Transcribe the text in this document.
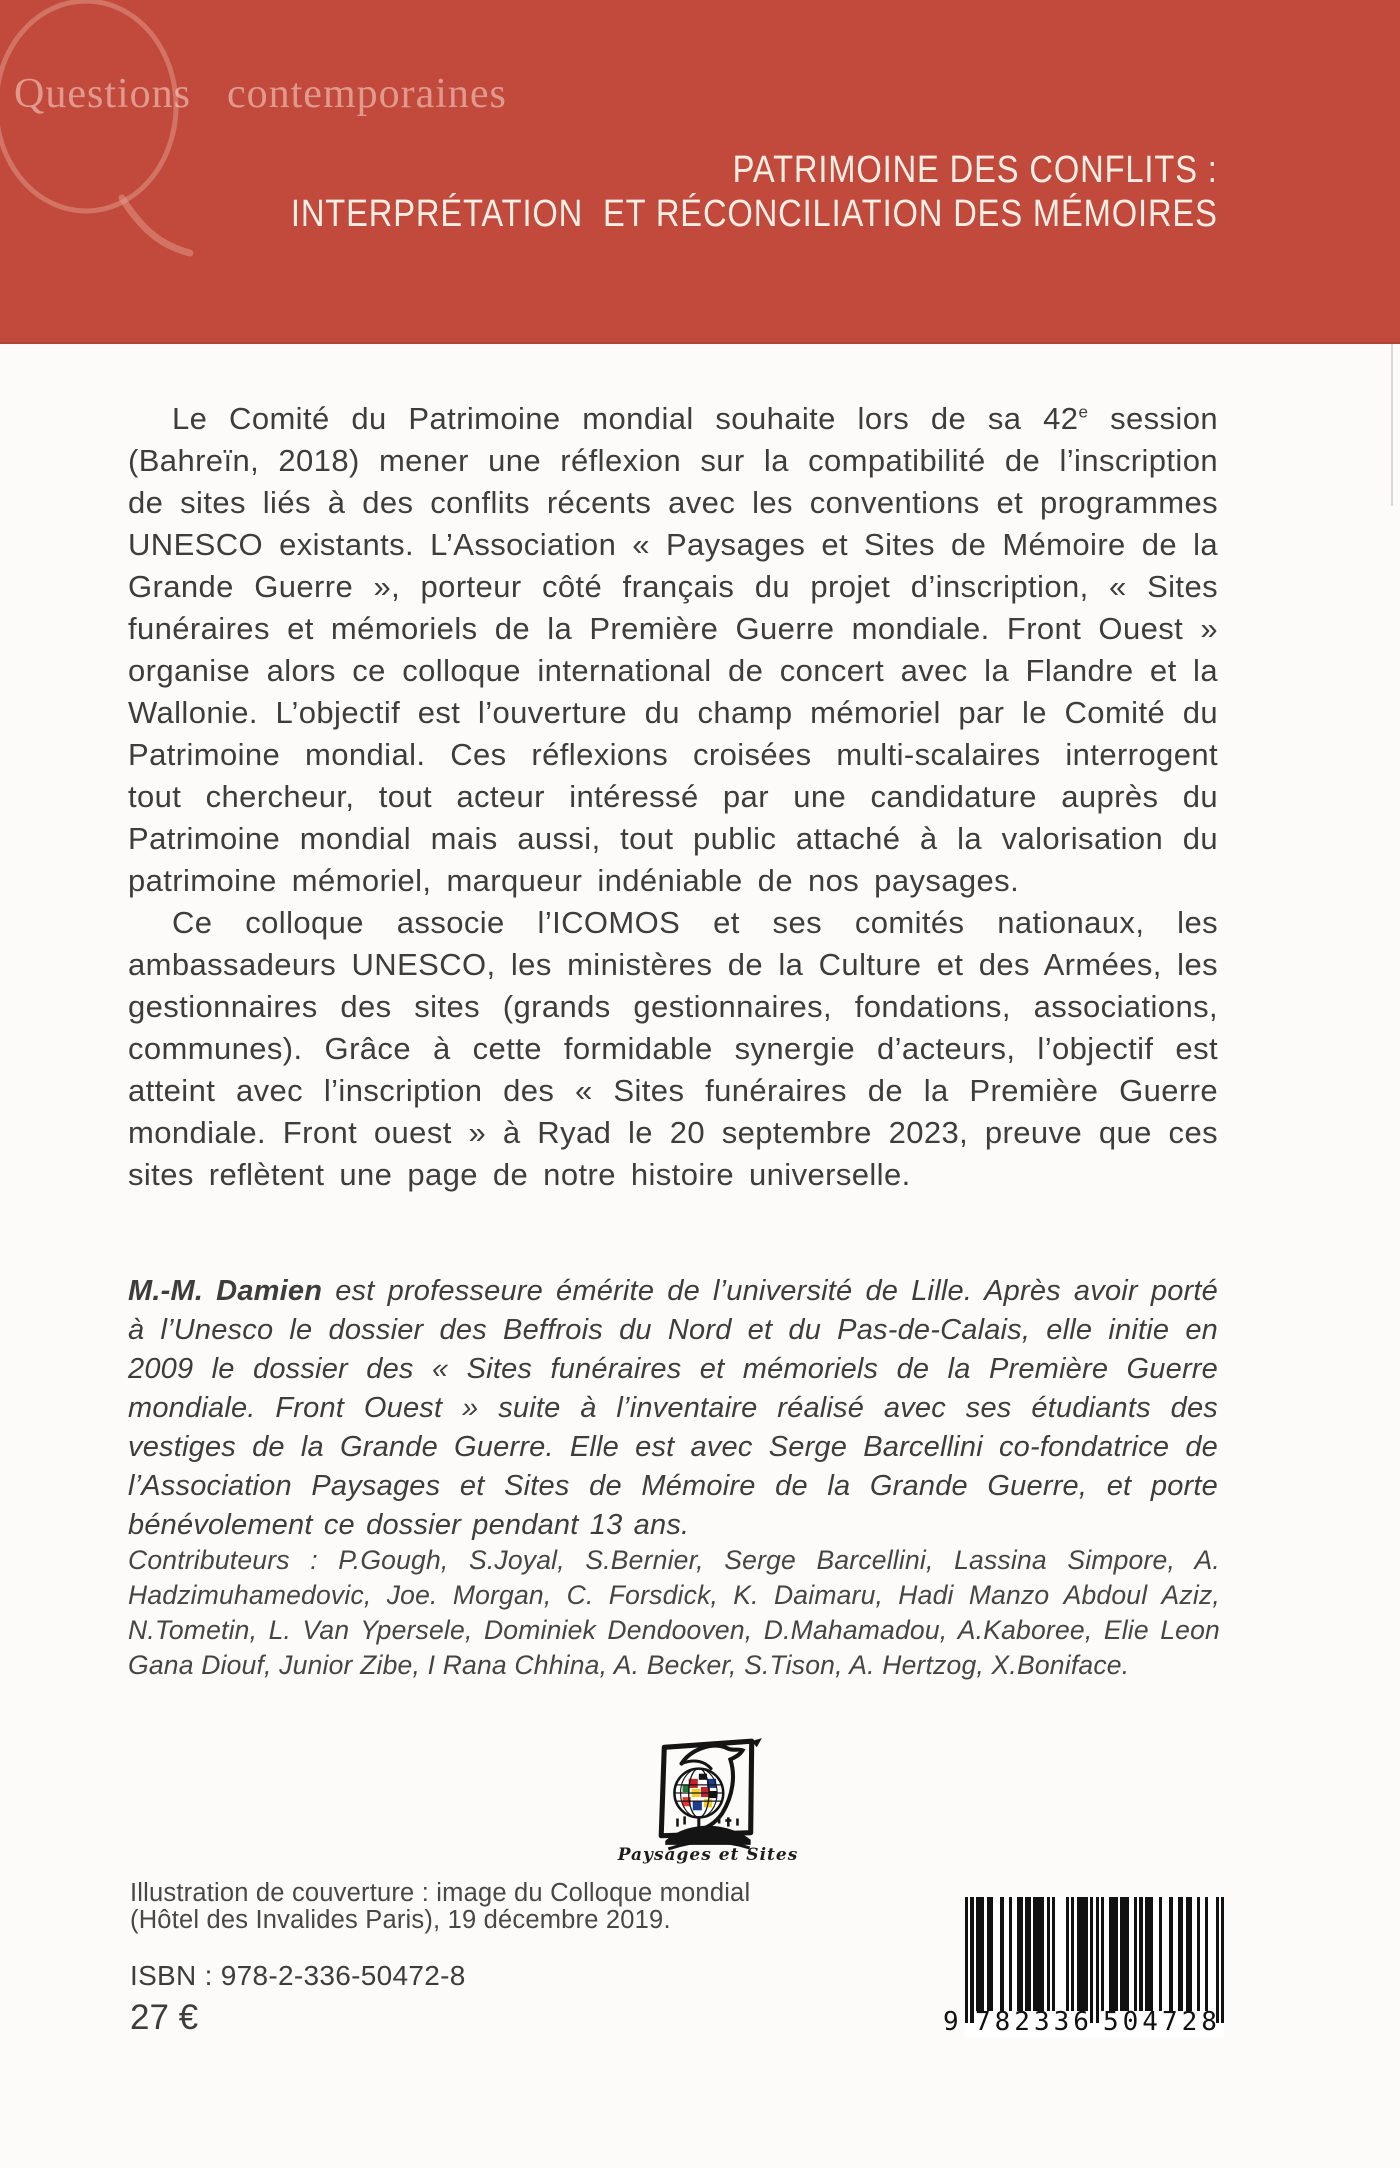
Questions contemporaines
PATRIMOINE DES CONFLITS :
INTERPRÉTATION  ET RÉCONCILIATION DES MÉMOIRES

Le Comité du Patrimoine mondial souhaite lors de sa 42e session (Bahreïn, 2018) mener une réflexion sur la compatibilité de l’inscription de sites liés à des conflits récents avec les conventions et programmes UNESCO existants. L’Association « Paysages et Sites de Mémoire de la Grande Guerre », porteur côté français du projet d’inscription, « Sites funéraires et mémoriels de la Première Guerre mondiale. Front Ouest » organise alors ce colloque international de concert avec la Flandre et la Wallonie. L’objectif est l’ouverture du champ mémoriel par le Comité du Patrimoine mondial. Ces réflexions croisées multi-scalaires interrogent tout chercheur, tout acteur intéressé par une candidature auprès du Patrimoine mondial mais aussi, tout public attaché à la valorisation du patrimoine mémoriel, marqueur indéniable de nos paysages.

Ce colloque associe l’ICOMOS et ses comités nationaux, les ambassadeurs UNESCO, les ministères de la Culture et des Armées, les gestionnaires des sites (grands gestionnaires, fondations, associations, communes). Grâce à cette formidable synergie d’acteurs, l’objectif est atteint avec l’inscription des « Sites funéraires de la Première Guerre mondiale. Front ouest » à Ryad le 20 septembre 2023, preuve que ces sites reflètent une page de notre histoire universelle.

M.-M. Damien est professeure émérite de l’université de Lille. Après avoir porté à l’Unesco le dossier des Beffrois du Nord et du Pas-de-Calais, elle initie en 2009 le dossier des « Sites funéraires et mémoriels de la Première Guerre mondiale. Front Ouest » suite à l’inventaire réalisé avec ses étudiants des vestiges de la Grande Guerre. Elle est avec Serge Barcellini co-fondatrice de l’Association Paysages et Sites de Mémoire de la Grande Guerre, et porte bénévolement ce dossier pendant 13 ans.
Contributeurs : P.Gough, S.Joyal, S.Bernier, Serge Barcellini, Lassina Simpore, A. Hadzimuhamedovic, Joe. Morgan, C. Forsdick, K. Daimaru, Hadi Manzo Abdoul Aziz, N.Tometin, L. Van Ypersele, Dominiek Dendooven, D.Mahamadou, A.Kaboree, Elie Leon Gana Diouf, Junior Zibe, I Rana Chhina, A. Becker, S.Tison, A. Hertzog, X.Boniface.
Paysages et Sites
Illustration de couverture : image du Colloque mondial
(Hôtel des Invalides Paris), 19 décembre 2019.
ISBN : 978-2-336-50472-8
27 €	9 782336 504728
